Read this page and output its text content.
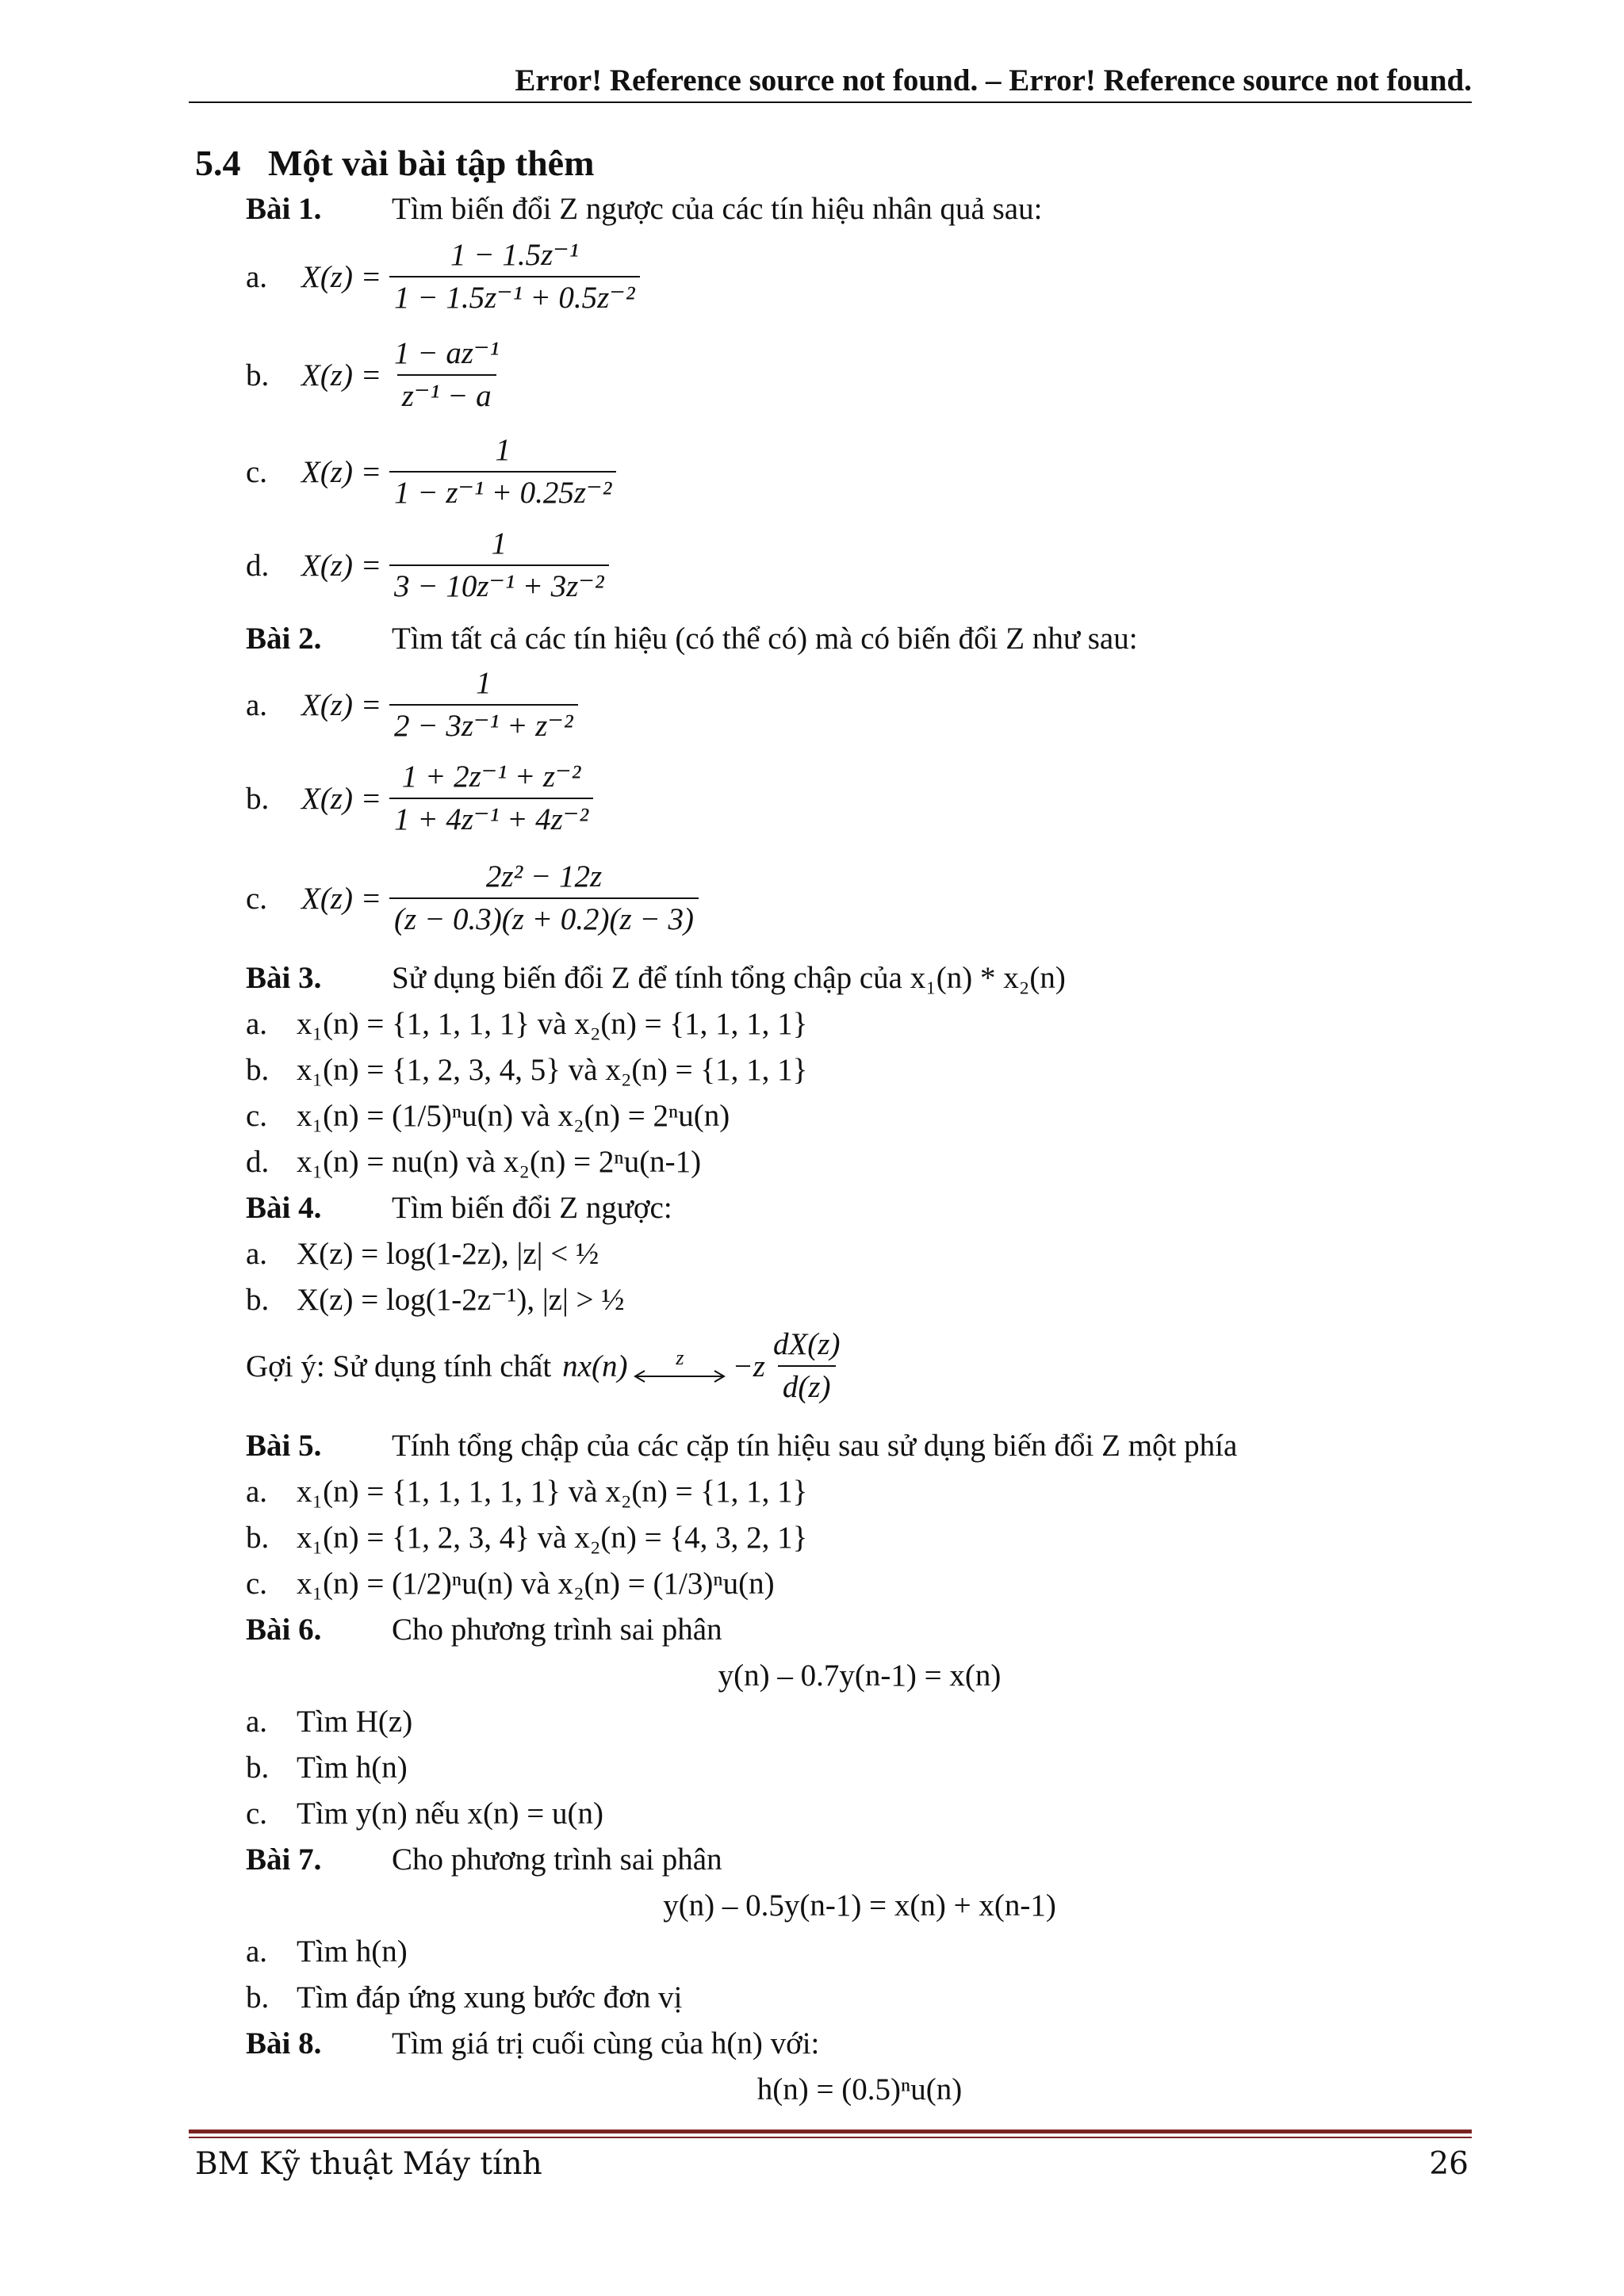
Error! Reference source not found. – Error! Reference source not found.
5.4 Một vài bài tập thêm
Bài 1. Tìm biến đổi Z ngược của các tín hiệu nhân quả sau:
a.	$X(z) = \frac{\text{1 − 1.5z⁻¹}}{\text{1 − 1.5z⁻¹ + 0.5z⁻²}}$
b.	$X(z) = \frac{\text{1 − az⁻¹}}{\text{z⁻¹ − a}}$
c.	$X(z) = \frac{1}{\text{1 − z⁻¹ + 0.25z⁻²}}$
d.	$X(z) = \frac{1}{\text{3 − 10z⁻¹ + 3z⁻²}}$
Bài 2. Tìm tất cả các tín hiệu (có thể có) mà có biến đổi Z như sau:
a.	$X(z) = \frac{1}{\text{2 − 3z⁻¹ + z⁻²}}$
b.	$X(z) = \frac{\text{1 + 2z⁻¹ + z⁻²}}{\text{1 + 4z⁻¹ + 4z⁻²}}$
c.	$X(z) = \frac{\text{2z² − 12z}}{(z - 0.3)(z + 0.2)(z - 3)}$
Bài 3. Sử dụng biến đổi Z để tính tổng chập của x₁(n) * x₂(n)
a. x₁(n) = {1, 1, 1, 1} và x₂(n) = {1, 1, 1, 1}
b. x₁(n) = {1, 2, 3, 4, 5} và x₂(n) = {1, 1, 1}
c. x₁(n) = (1/5)ⁿu(n) và x₂(n) = 2ⁿu(n)
d. x₁(n) = nu(n) và x₂(n) = 2ⁿu(n-1)
Bài 4. Tìm biến đổi Z ngược:
a. X(z) = log(1-2z), |z| < ½
b. X(z) = log(1-2z⁻¹), |z| > ½
Gợi ý: Sử dụng tính chất nx(n) $z -z \frac{dX(z)}{d(z)}$
Bài 5. Tính tổng chập của các cặp tín hiệu sau sử dụng biến đổi Z một phía
a. x₁(n) = {1, 1, 1, 1, 1} và x₂(n) = {1, 1, 1}
b. x₁(n) = {1, 2, 3, 4} và x₂(n) = {4, 3, 2, 1}
c. x₁(n) = (1/2)ⁿu(n) và x₂(n) = (1/3)ⁿu(n)
Bài 6. Cho phương trình sai phân
y(n) – 0.7y(n-1) = x(n)
a. Tìm H(z)
b. Tìm h(n)
c. Tìm y(n) nếu x(n) = u(n)
Bài 7. Cho phương trình sai phân
y(n) – 0.5y(n-1) = x(n) + x(n-1)
a. Tìm h(n)
b. Tìm đáp ứng xung bước đơn vị
Bài 8. Tìm giá trị cuối cùng của h(n) với:
h(n) = (0.5)ⁿu(n)
BM Kỹ thuật Máy tính	26
